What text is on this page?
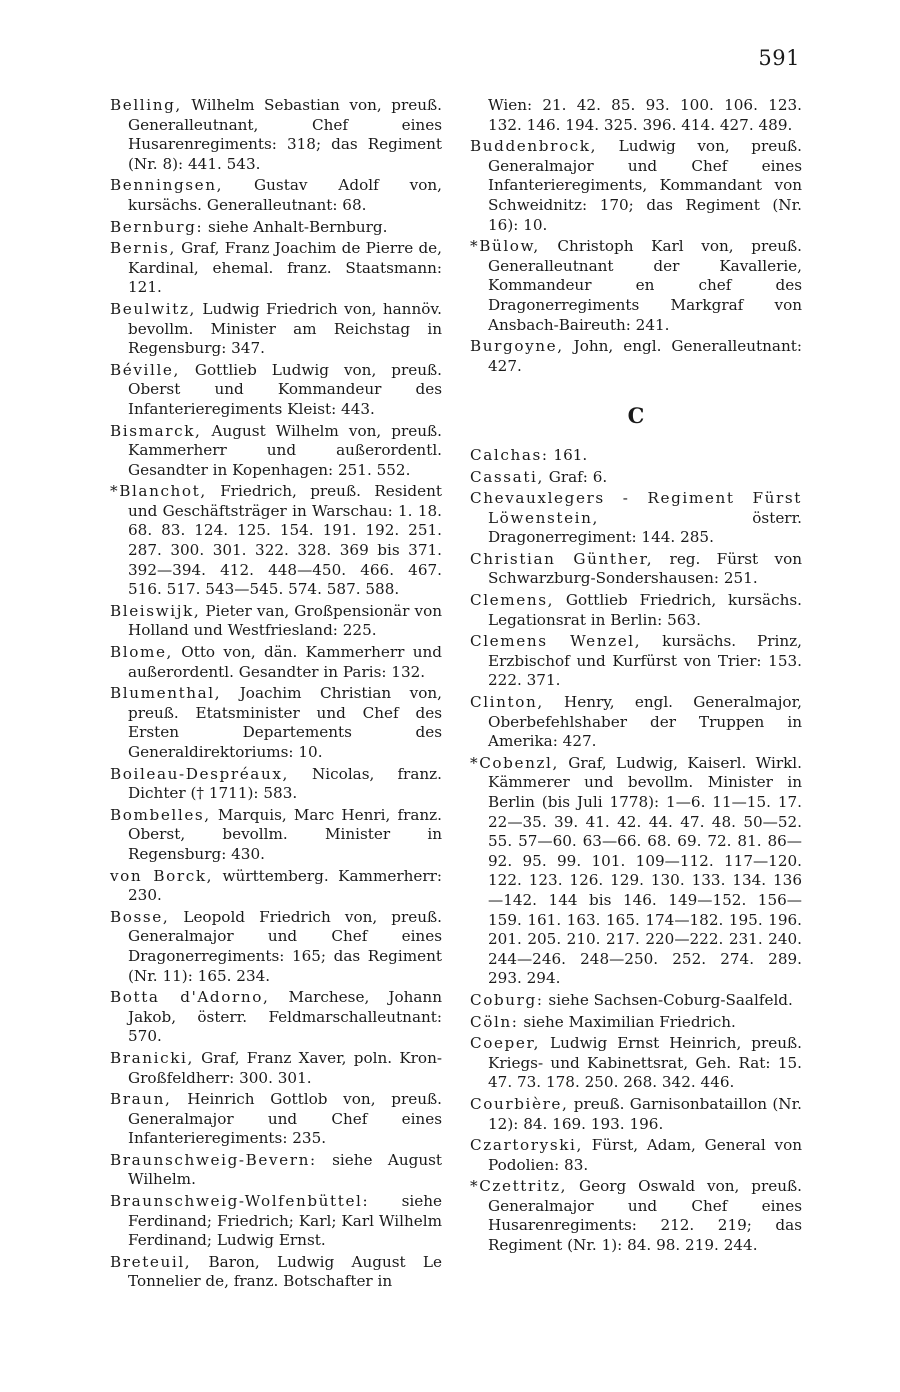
591

Belling, Wilhelm Sebastian von, preuß. Generalleutnant, Chef eines Husarenregiments: 318; das Regiment (Nr. 8): 441. 543.

Benningsen, Gustav Adolf von, kursächs. Generalleutnant: 68.

Bernburg: siehe Anhalt-Bernburg.

Bernis, Graf, Franz Joachim de Pierre de, Kardinal, ehemal. franz. Staatsmann: 121.

Beulwitz, Ludwig Friedrich von, hannöv. bevollm. Minister am Reichstag in Regensburg: 347.

Béville, Gottlieb Ludwig von, preuß. Oberst und Kommandeur des Infanterieregiments Kleist: 443.

Bismarck, August Wilhelm von, preuß. Kammerherr und außerordentl. Gesandter in Kopenhagen: 251. 552.

*Blanchot, Friedrich, preuß. Resident und Geschäftsträger in Warschau: 1. 18. 68. 83. 124. 125. 154. 191. 192. 251. 287. 300. 301. 322. 328. 369 bis 371. 392—394. 412. 448—450. 466. 467. 516. 517. 543—545. 574. 587. 588.

Bleiswijk, Pieter van, Großpensionär von Holland und Westfriesland: 225.

Blome, Otto von, dän. Kammerherr und außerordentl. Gesandter in Paris: 132.

Blumenthal, Joachim Christian von, preuß. Etatsminister und Chef des Ersten Departements des Generaldirektoriums: 10.

Boileau-Despréaux, Nicolas, franz. Dichter († 1711): 583.

Bombelles, Marquis, Marc Henri, franz. Oberst, bevollm. Minister in Regensburg: 430.

von Borck, württemberg. Kammerherr: 230.

Bosse, Leopold Friedrich von, preuß. Generalmajor und Chef eines Dragonerregiments: 165; das Regiment (Nr. 11): 165. 234.

Botta d'Adorno, Marchese, Johann Jakob, österr. Feldmarschalleutnant: 570.

Branicki, Graf, Franz Xaver, poln. Kron-Großfeldherr: 300. 301.

Braun, Heinrich Gottlob von, preuß. Generalmajor und Chef eines Infanterieregiments: 235.

Braunschweig-Bevern: siehe August Wilhelm.

Braunschweig-Wolfenbüttel: siehe Ferdinand; Friedrich; Karl; Karl Wilhelm Ferdinand; Ludwig Ernst.

Breteuil, Baron, Ludwig August Le Tonnelier de, franz. Botschafter in

Wien: 21. 42. 85. 93. 100. 106. 123. 132. 146. 194. 325. 396. 414. 427. 489.

Buddenbrock, Ludwig von, preuß. Generalmajor und Chef eines Infanterieregiments, Kommandant von Schweidnitz: 170; das Regiment (Nr. 16): 10.

*Bülow, Christoph Karl von, preuß. Generalleutnant der Kavallerie, Kommandeur en chef des Dragonerregiments Markgraf von Ansbach-Baireuth: 241.

Burgoyne, John, engl. Generalleutnant: 427.

C

Calchas: 161.

Cassati, Graf: 6.

Chevauxlegers - Regiment Fürst Löwenstein, österr. Dragonerregiment: 144. 285.

Christian Günther, reg. Fürst von Schwarzburg-Sondershausen: 251.

Clemens, Gottlieb Friedrich, kursächs. Legationsrat in Berlin: 563.

Clemens Wenzel, kursächs. Prinz, Erzbischof und Kurfürst von Trier: 153. 222. 371.

Clinton, Henry, engl. Generalmajor, Oberbefehlshaber der Truppen in Amerika: 427.

*Cobenzl, Graf, Ludwig, Kaiserl. Wirkl. Kämmerer und bevollm. Minister in Berlin (bis Juli 1778): 1—6. 11—15. 17. 22—35. 39. 41. 42. 44. 47. 48. 50—52. 55. 57—60. 63—66. 68. 69. 72. 81. 86—92. 95. 99. 101. 109—112. 117—120. 122. 123. 126. 129. 130. 133. 134. 136—142. 144 bis 146. 149—152. 156—159. 161. 163. 165. 174—182. 195. 196. 201. 205. 210. 217. 220—222. 231. 240. 244—246. 248—250. 252. 274. 289. 293. 294.

Coburg: siehe Sachsen-Coburg-Saalfeld.

Cöln: siehe Maximilian Friedrich.

Coeper, Ludwig Ernst Heinrich, preuß. Kriegs- und Kabinettsrat, Geh. Rat: 15. 47. 73. 178. 250. 268. 342. 446.

Courbière, preuß. Garnisonbataillon (Nr. 12): 84. 169. 193. 196.

Czartoryski, Fürst, Adam, General von Podolien: 83.

*Czettritz, Georg Oswald von, preuß. Generalmajor und Chef eines Husarenregiments: 212. 219; das Regiment (Nr. 1): 84. 98. 219. 244.
